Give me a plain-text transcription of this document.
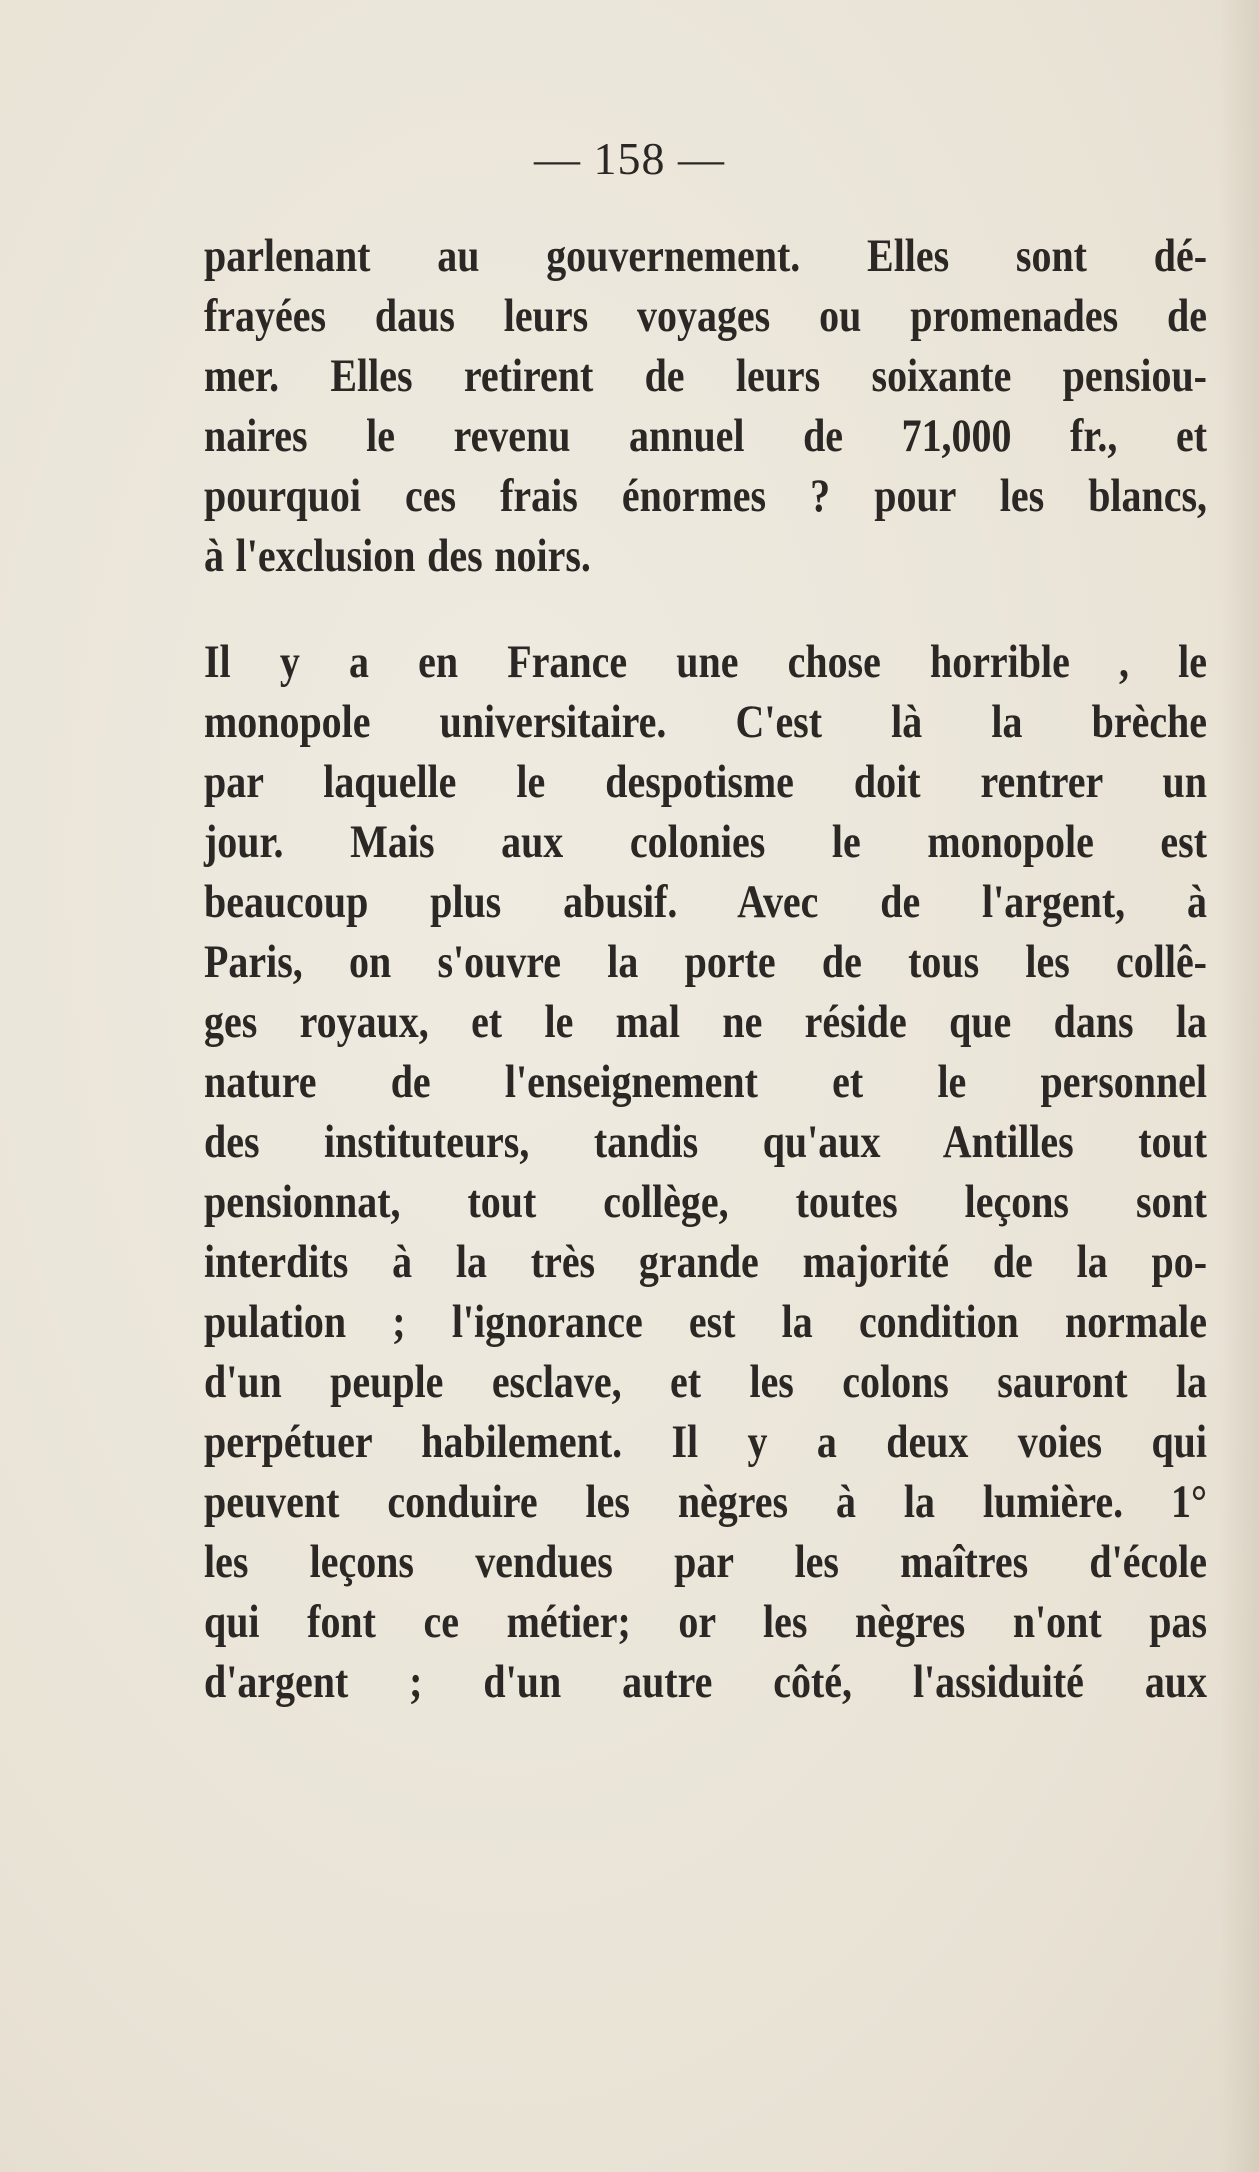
— 158 —
parlenant au gouvernement. Elles sont dé-
frayées daus leurs voyages ou promenades de
mer. Elles retirent de leurs soixante pensiou-
naires le revenu annuel de 71,000 fr., et
pourquoi ces frais énormes ? pour les blancs,
à l'exclusion des noirs.
Il y a en France une chose horrible , le
monopole universitaire. C'est là la brèche
par laquelle le despotisme doit rentrer un
jour. Mais aux colonies le monopole est
beaucoup plus abusif. Avec de l'argent, à
Paris, on s'ouvre la porte de tous les collê-
ges royaux, et le mal ne réside que dans la
nature de l'enseignement et le personnel
des instituteurs, tandis qu'aux Antilles tout
pensionnat, tout collège, toutes leçons sont
interdits à la très grande majorité de la po-
pulation ; l'ignorance est la condition normale
d'un peuple esclave, et les colons sauront la
perpétuer habilement. Il y a deux voies qui
peuvent conduire les nègres à la lumière. 1°
les leçons vendues par les maîtres d'école
qui font ce métier; or les nègres n'ont pas
d'argent ; d'un autre côté, l'assiduité aux
